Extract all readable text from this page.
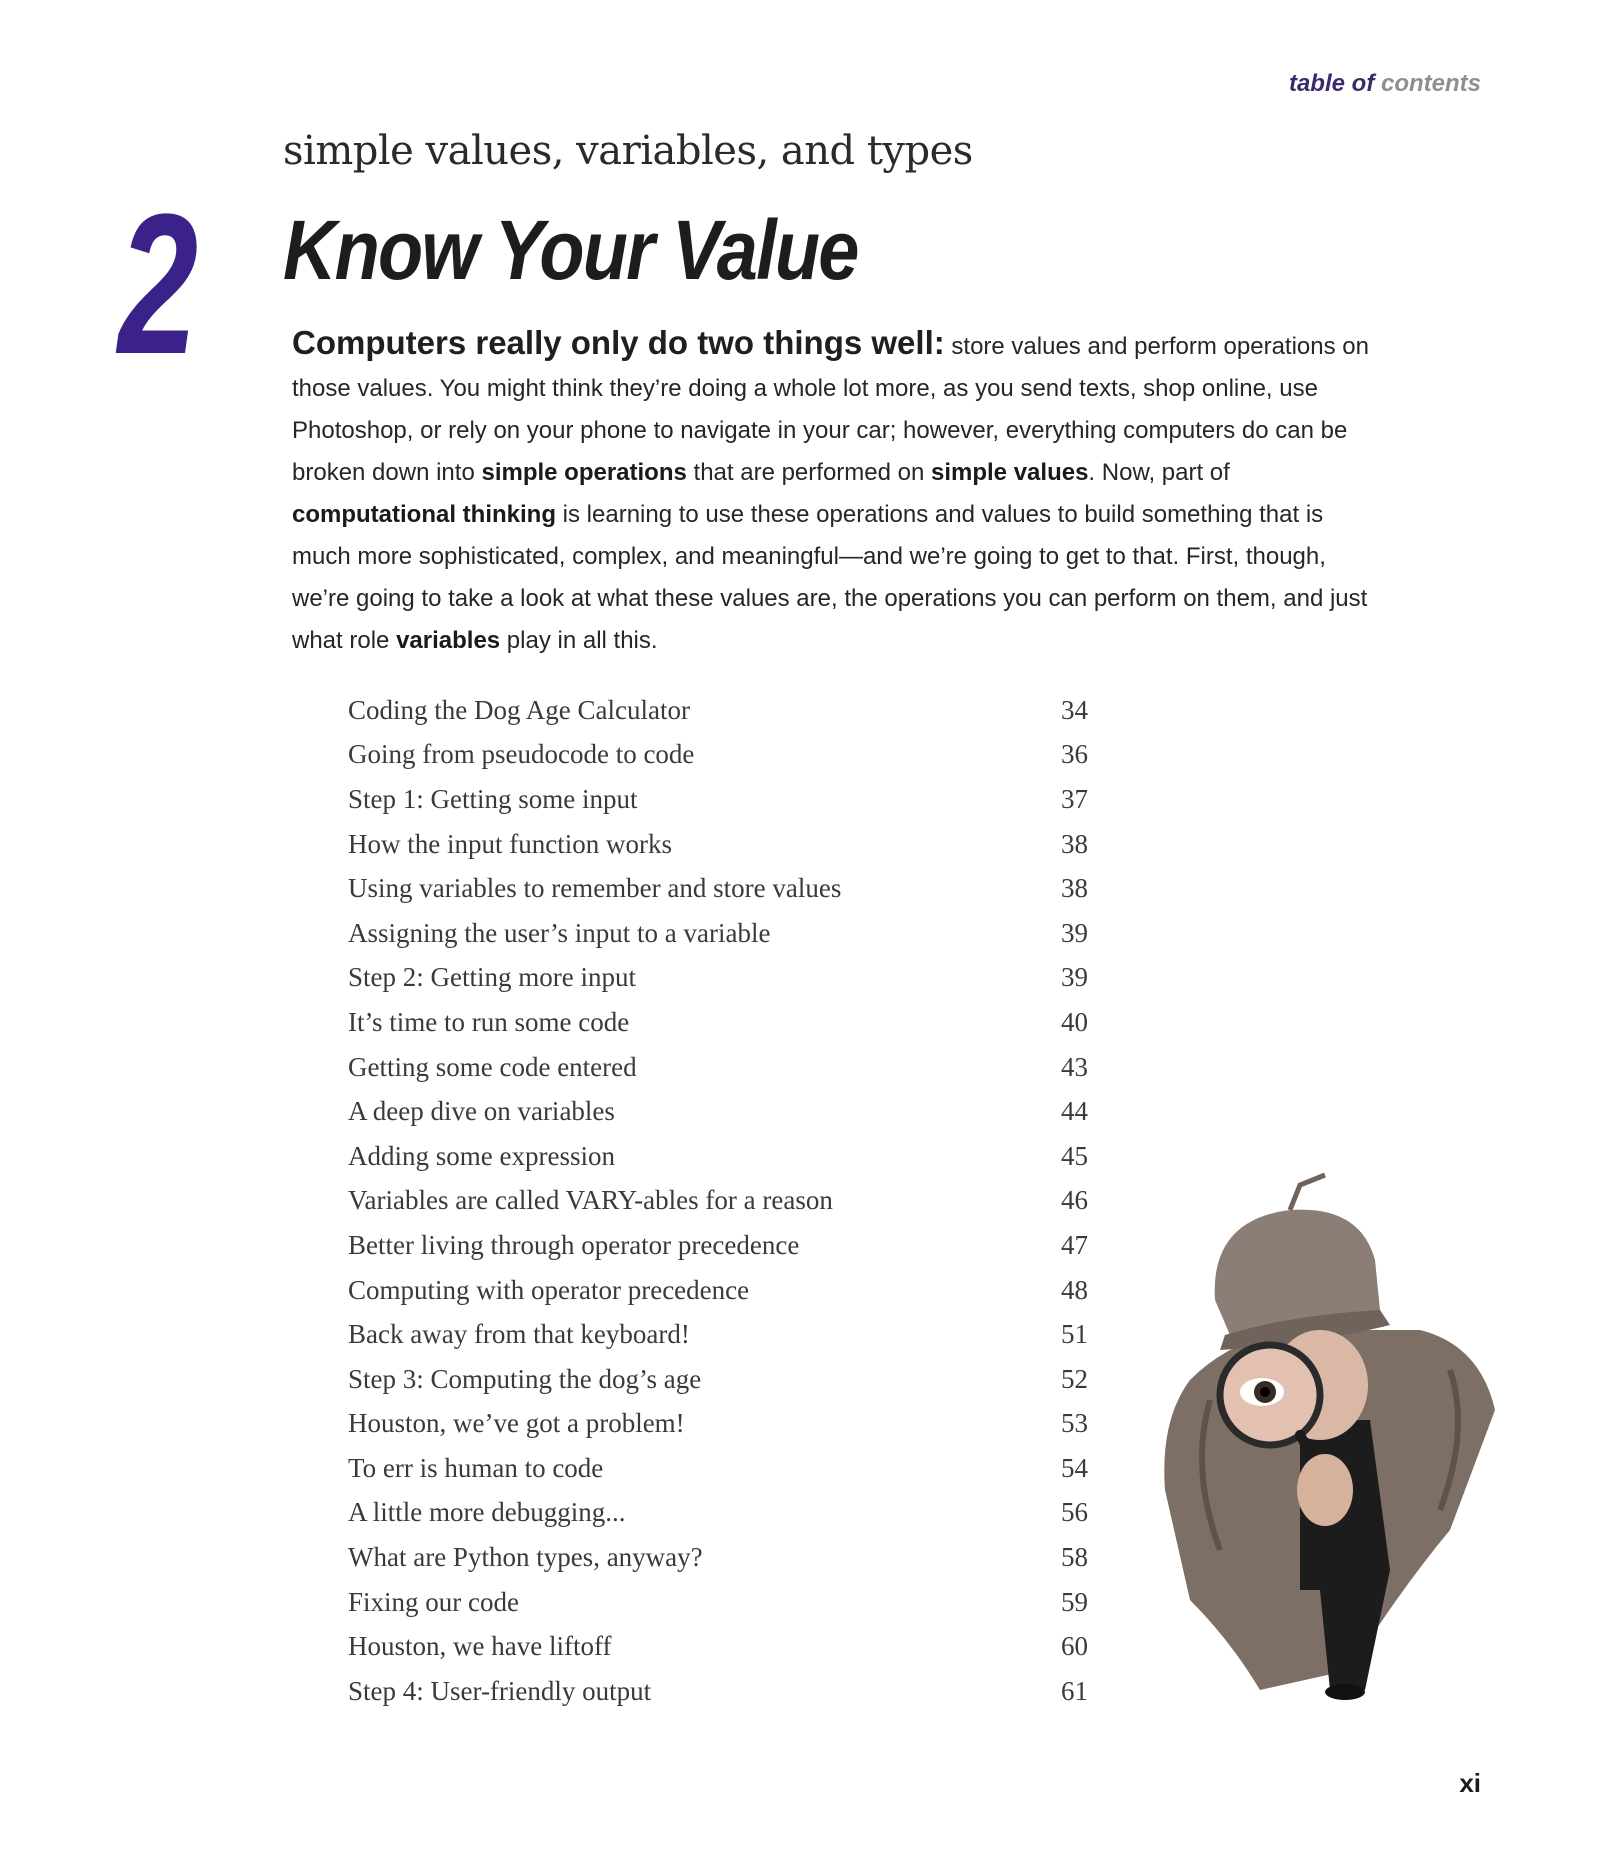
table of contents
simple values, variables, and types
2 Know Your Value
Computers really only do two things well: store values and perform operations on those values. You might think they’re doing a whole lot more, as you send texts, shop online, use Photoshop, or rely on your phone to navigate in your car; however, everything computers do can be broken down into simple operations that are performed on simple values. Now, part of computational thinking is learning to use these operations and values to build something that is much more sophisticated, complex, and meaningful—and we’re going to get to that. First, though, we’re going to take a look at what these values are, the operations you can perform on them, and just what role variables play in all this.
Coding the Dog Age Calculator	34
Going from pseudocode to code	36
Step 1: Getting some input	37
How the input function works	38
Using variables to remember and store values	38
Assigning the user’s input to a variable	39
Step 2: Getting more input	39
It’s time to run some code	40
Getting some code entered	43
A deep dive on variables	44
Adding some expression	45
Variables are called VARY-ables for a reason	46
Better living through operator precedence	47
Computing with operator precedence	48
Back away from that keyboard!	51
Step 3: Computing the dog’s age	52
Houston, we’ve got a problem!	53
To err is human to code	54
A little more debugging...	56
What are Python types, anyway?	58
Fixing our code	59
Houston, we have liftoff	60
Step 4: User-friendly output	61
xi
